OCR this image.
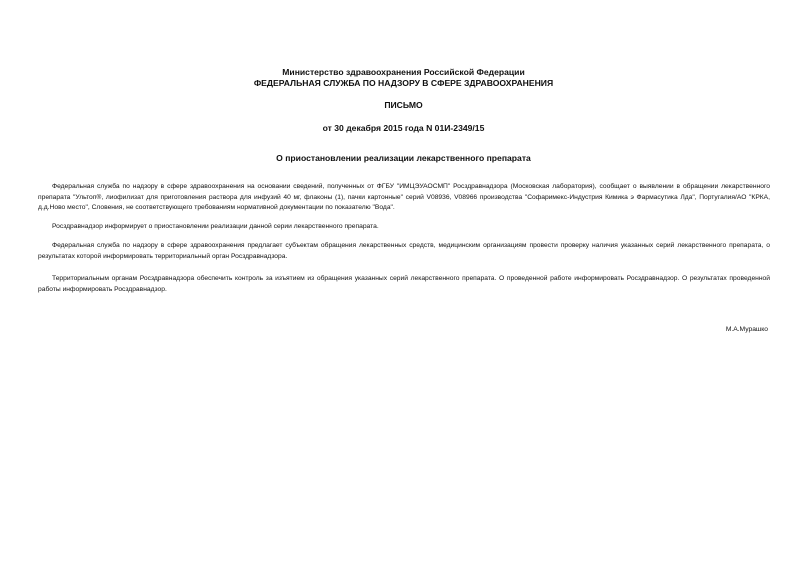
Министерство здравоохранения Российской Федерации
ФЕДЕРАЛЬНАЯ СЛУЖБА ПО НАДЗОРУ В СФЕРЕ ЗДРАВООХРАНЕНИЯ
ПИСЬМО
от 30 декабря 2015 года N 01И-2349/15
О приостановлении реализации лекарственного препарата

Федеральная служба по надзору в сфере здравоохранения на основании сведений, полученных от ФГБУ "ИМЦЭУАОСМП" Росздравнадзора (Московская лаборатория), сообщает о выявлении в обращении лекарственного препарата "Ультоп®, лиофилизат для приготовления раствора для инфузий 40 мг, флаконы (1), пачки картонные" серий V08936, V08966 производства "Софаримекс-Индустрия Кимика э Фармасутика Лда", Португалия/АО "КРКА, д.д.Ново место", Словения, не соответствующего требованиям нормативной документации по показателю "Вода".

Росздравнадзор информирует о приостановлении реализации данной серии лекарственного препарата.

Федеральная служба по надзору в сфере здравоохранения предлагает субъектам обращения лекарственных средств, медицинским организациям провести проверку наличия указанных серий лекарственного препарата, о результатах которой информировать территориальный орган Росздравнадзора.

Территориальным органам Росздравнадзора обеспечить контроль за изъятием из обращения указанных серий лекарственного препарата. О проведенной работе информировать Росздравнадзор. О результатах проведенной работы информировать Росздравнадзор.

М.А.Мурашко
